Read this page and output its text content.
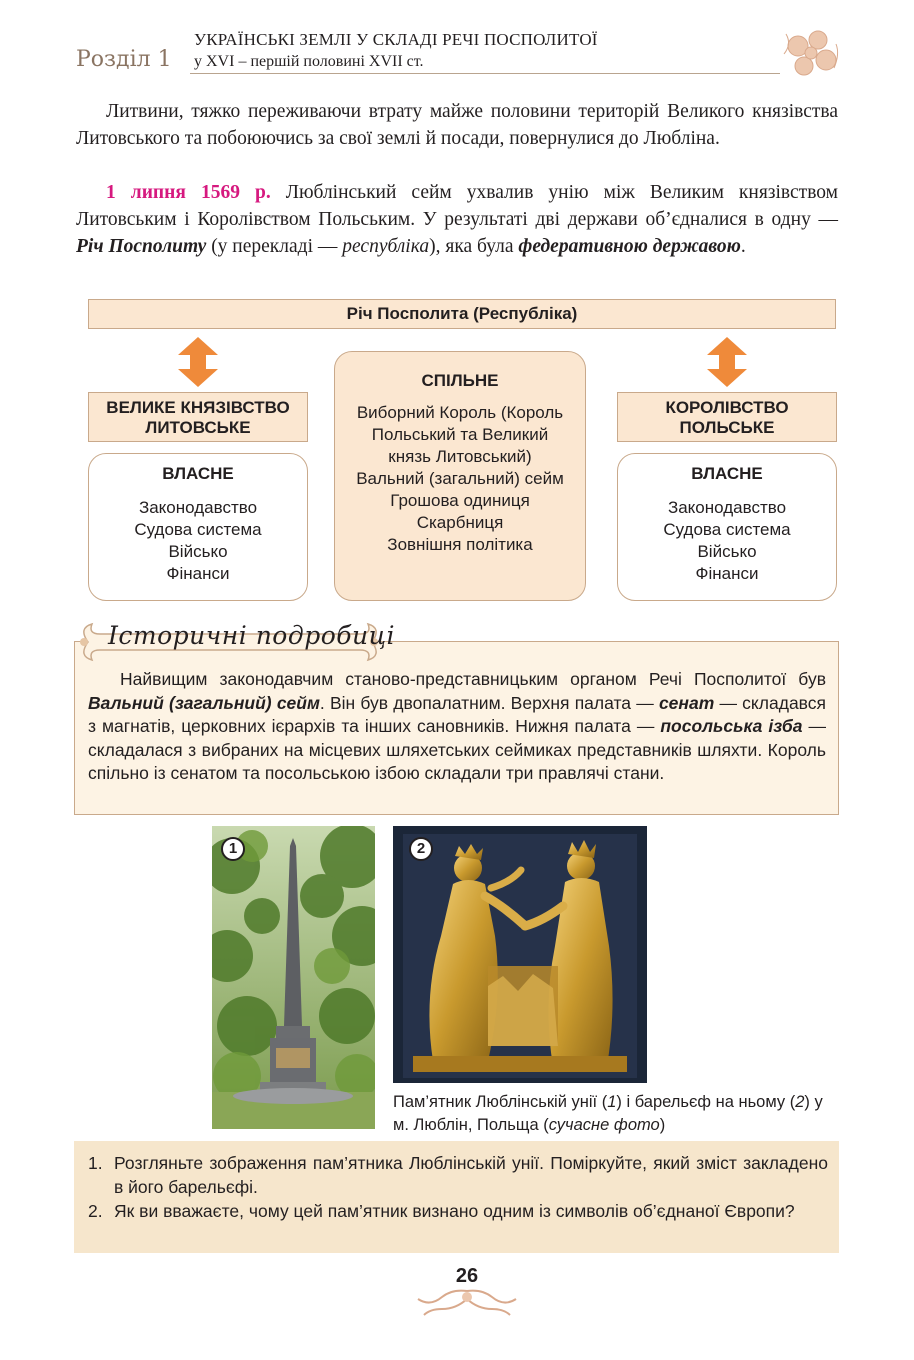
Розділ 1
УКРАЇНСЬКІ ЗЕМЛІ У СКЛАДІ РЕЧІ ПОСПОЛИТОЇ
у XVI – першій половині XVII ст.
Литвини, тяжко переживаючи втрату майже половини територій Великого князівства Литовського та побоюючись за свої землі й посади, повернулися до Любліна.
1 липня 1569 р. Люблінський сейм ухвалив унію між Великим князівством Литовським і Королівством Польським. У результаті дві держави об’єдналися в одну — Річ Посполиту (у перекладі — республіка), яка була федеративною державою.
Річ Посполита (Республіка)
ВЕЛИКЕ КНЯЗІВСТВО ЛИТОВСЬКЕ
КОРОЛІВСТВО ПОЛЬСЬКЕ
ВЛАСНЕ
Законодавство
Судова система
Військо
Фінанси
ВЛАСНЕ
Законодавство
Судова система
Військо
Фінанси
СПІЛЬНЕ
Виборний Король (Король Польський та Великий князь Литовський) Вальний (загальний) сейм
Грошова одиниця
Скарбниця
Зовнішня політика
Історичні подробиці
Найвищим законодавчим станово-представницьким органом Речі Посполитої був Вальний (загальний) сейм. Він був двопалатним. Верхня палата — сенат — складався з магнатів, церковних ієрархів та інших сановників. Нижня палата — посольська ізба — складалася з вибраних на місцевих шляхетських сеймиках представників шляхти. Король спільно із сенатом та посольською ізбою складали три правлячі стани.
1	2
Пам’ятник Люблінській унії (1) і барельєф на ньому (2) у м. Люблін, Польща (сучасне фото)
1. Розгляньте зображення пам’ятника Люблінській унії. Поміркуйте, який зміст закладено в його барельєфі.
2. Як ви вважаєте, чому цей пам’ятник визнано одним із символів об’єднаної Європи?
26
